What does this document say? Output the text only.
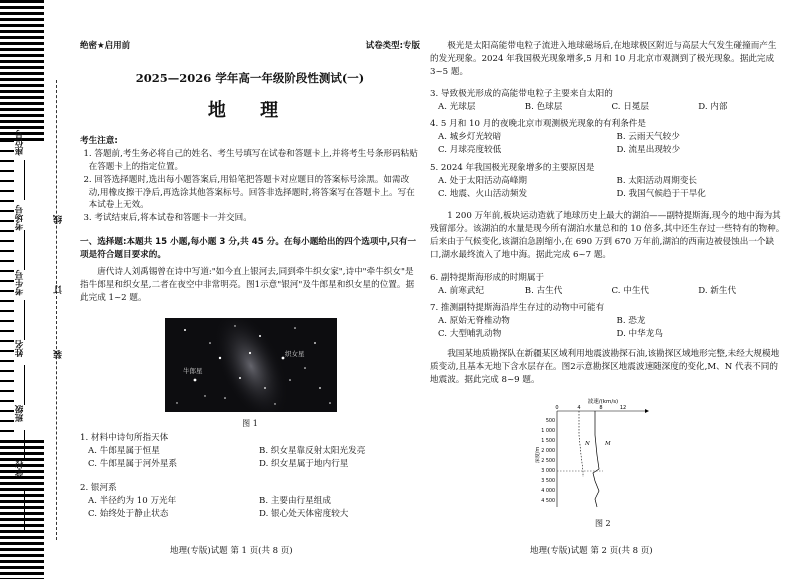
座位号
考场号
考生号
姓名
班级
学校
线
订
装
绝密★启用前	试卷类型:专版
2025—2026 学年高一年级阶段性测试(一)
地 理
考生注意:

1. 答题前,考生务必将自己的姓名、考生号填写在试卷和答题卡上,并将考生号条形码粘贴在答题卡上的指定位置。

2. 回答选择题时,选出每小题答案后,用铅笔把答题卡对应题目的答案标号涂黑。如需改动,用橡皮擦干净后,再选涂其他答案标号。回答非选择题时,将答案写在答题卡上。写在本试卷上无效。

3. 考试结束后,将本试卷和答题卡一并交回。

一、选择题:本题共 15 小题,每小题 3 分,共 45 分。在每小题给出的四个选项中,只有一项是符合题目要求的。
唐代诗人刘禹锡曾在诗中写道:"如今直上银河去,同到牵牛织女家",诗中"牵牛织女"是指牛郎星和织女星,二者在夜空中非常明亮。图1示意"银河"及牛郎星和织女星的位置。据此完成 1~2 题。
织女星
牛郎星
图 1

1. 材料中诗句所指天体

A. 牛郎星属于恒星	B. 织女星靠反射太阳光发亮
C. 牛郎星属于河外星系	D. 织女星属于地内行星

2. 银河系

A. 半径约为 10 万光年	B. 主要由行星组成
C. 始终处于静止状态	D. 银心处天体密度较大
地理(专版)试题 第 1 页(共 8 页)
极光是太阳高能带电粒子流进入地球磁场后,在地球极区附近与高层大气发生碰撞而产生的发光现象。2024 年我国极光现象增多,5 月和 10 月北京市观测到了极光现象。据此完成 3~5 题。

3. 导致极光形成的高能带电粒子主要来自太阳的

A. 光球层	B. 色球层	C. 日冕层	D. 内部

4. 5 月和 10 月的夜晚北京市观测极光现象的有利条件是

A. 城乡灯光较暗	B. 云雨天气较少
C. 月球亮度较低	D. 流星出现较少

5. 2024 年我国极光现象增多的主要原因是

A. 处于太阳活动高峰期	B. 太阳活动周期变长
C. 地震、火山活动频发	D. 我国气候趋于干旱化
1 200 万年前,板块运动造就了地球历史上最大的湖泊——副特提斯海,现今的地中海为其残留部分。该湖泊的水量是现今所有湖泊水量总和的 10 倍多,其中还生存过一些特有的物种。后来由于气候变化,该湖泊急剧缩小,在 690 万到 670 万年前,湖泊的西南边被侵蚀出一个缺口,湖水最终流入了地中海。据此完成 6~7 题。

6. 副特提斯海形成的时期属于

A. 前寒武纪	B. 古生代	C. 中生代	D. 新生代

7. 推测副特提斯海沿岸生存过的动物中可能有

A. 原始无脊椎动物	B. 恐龙
C. 大型哺乳动物	D. 中华龙鸟
我国某地质勘探队在新疆某区域利用地震波勘探石油,该勘探区域地形完整,未经大规模地质变动,且基本无地下含水层存在。图2示意勘探区地震波速随深度的变化,M、N 代表不同的地震波。据此完成 8~9 题。
波速/(km/s)
0	4	8	12
500
1 000
1 500
2 000
2 500
3 000
3 500
4 000
4 500
深度/m
N	M
图 2
地理(专版)试题 第 2 页(共 8 页)
